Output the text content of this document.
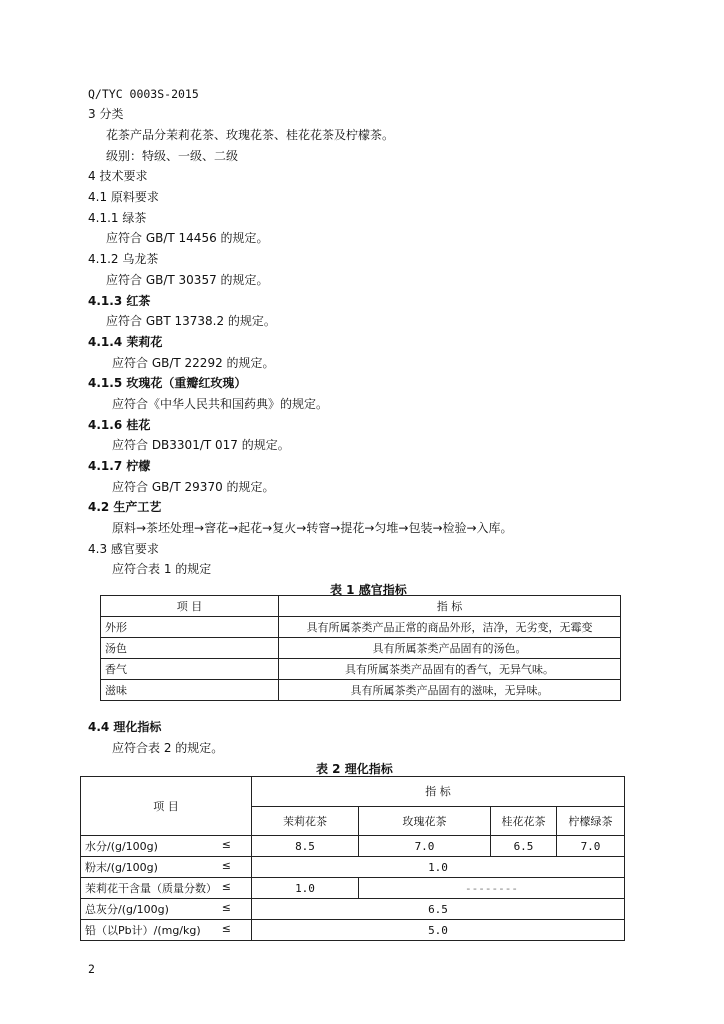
Q/TYC 0003S-2015
3 分类
花茶产品分茉莉花茶、玫瑰花茶、桂花花茶及柠檬茶。
级别：特级、一级、二级
4 技术要求
4.1 原料要求
4.1.1 绿茶
应符合 GB/T 14456 的规定。
4.1.2 乌龙茶
应符合 GB/T 30357 的规定。
4.1.3 红茶
应符合 GBT 13738.2 的规定。
4.1.4 茉莉花
应符合 GB/T 22292 的规定。
4.1.5 玫瑰花（重瓣红玫瑰）
应符合《中华人民共和国药典》的规定。
4.1.6 桂花
应符合 DB3301/T 017 的规定。
4.1.7 柠檬
应符合 GB/T 29370 的规定。
4.2 生产工艺
原料→茶坯处理→窨花→起花→复火→转窨→提花→匀堆→包装→检验→入库。
4.3 感官要求
应符合表 1 的规定
表 1 感官指标
项 目	指 标
外形	具有所属茶类产品正常的商品外形，洁净，无劣变，无霉变
汤色	具有所属茶类产品固有的汤色。
香气	具有所属茶类产品固有的香气，无异气味。
滋味	具有所属茶类产品固有的滋味，无异味。
4.4 理化指标
应符合表 2 的规定。
表 2 理化指标
项 目	指 标			
	茉莉花茶	玫瑰花茶	桂花花茶	柠檬绿茶
水分/(g/100g) ≤	8.5	7.0	6.5	7.0
粉末/(g/100g) ≤	1.0			
茉莉花干含量（质量分数） ≤	1.0	--------		
总灰分/(g/100g) ≤	6.5			
铅（以Pb计）/(mg/kg) ≤	5.0			
2
